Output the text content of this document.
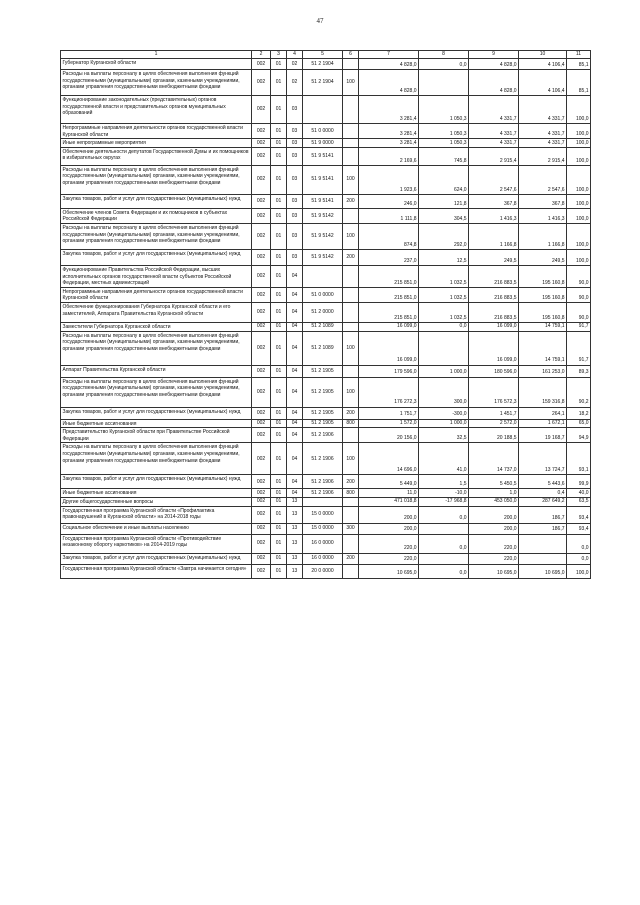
47
1	2	3	4	5	6	7	8	9	10	11
Губернатор Курганской области	002	01	02	51 2 1904		4 828,0	0,0	4 828,0	4 106,4	85,1
Расходы на выплаты персоналу в целях обеспечения выполнения функций государственными (муниципальными) органами, казенными учреждениями, органами управления государственными внебюджетными фондами	002	01	02	51 2 1904	100	4 828,0		4 828,0	4 106,4	85,1
Функционирование законодательных (представительных) органов государственной власти и представительных органов муниципальных образований	002	01	03			3 281,4	1 050,3	4 331,7	4 331,7	100,0
Непрограммные направления деятельности органов государственной власти Курганской области	002	01	03	51 0 0000		3 281,4	1 050,3	4 331,7	4 331,7	100,0
Иные непрограммные мероприятия	002	01	03	51 9 0000		3 281,4	1 050,3	4 331,7	4 331,7	100,0
Обеспечение деятельности депутатов Государственной Думы и их помощников в избирательных округах	002	01	03	51 9 5141		2 169,6	745,8	2 915,4	2 915,4	100,0
Расходы на выплаты персоналу в целях обеспечения выполнения функций государственными (муниципальными) органами, казенными учреждениями, органами управления государственными внебюджетными фондами	002	01	03	51 9 5141	100	1 923,6	624,0	2 547,6	2 547,6	100,0
Закупка товаров, работ и услуг для государственных (муниципальных) нужд	002	01	03	51 9 5141	200	246,0	121,8	367,8	367,8	100,0
Обеспечение членов Совета Федерации и их помощников в субъектах Российской Федерации	002	01	03	51 9 5142		1 111,8	304,5	1 416,3	1 416,3	100,0
Расходы на выплаты персоналу в целях обеспечения выполнения функций государственными (муниципальными) органами, казенными учреждениями, органами управления государственными внебюджетными фондами	002	01	03	51 9 5142	100	874,8	292,0	1 166,8	1 166,8	100,0
Закупка товаров, работ и услуг для государственных (муниципальных) нужд	002	01	03	51 9 5142	200	237,0	12,5	249,5	249,5	100,0
Функционирование Правительства Российской Федерации, высших исполнительных органов государственной власти субъектов Российской Федерации, местных администраций	002	01	04			215 851,0	1 032,5	216 883,5	195 160,8	90,0
Непрограммные направления деятельности органов государственной власти Курганской области	002	01	04	51 0 0000		215 851,0	1 032,5	216 883,5	195 160,8	90,0
Обеспечение функционирования Губернатора Курганской области и его заместителей, Аппарата Правительства Курганской области	002	01	04	51 2 0000		215 851,0	1 032,5	216 883,5	195 160,8	90,0
Заместители Губернатора Курганской области	002	01	04	51 2 1089		16 099,0	0,0	16 099,0	14 759,1	91,7
Расходы на выплаты персоналу в целях обеспечения выполнения функций государственными (муниципальными) органами, казенными учреждениями, органами управления государственными внебюджетными фондами	002	01	04	51 2 1089	100	16 099,0		16 099,0	14 759,1	91,7
Аппарат Правительства Курганской области	002	01	04	51 2 1905		179 596,0	1 000,0	180 596,0	161 253,0	89,3
Расходы на выплаты персоналу в целях обеспечения выполнения функций государственными (муниципальными) органами, казенными учреждениями, органами управления государственными внебюджетными фондами	002	01	04	51 2 1905	100	176 272,3	300,0	176 572,3	159 316,8	90,2
Закупка товаров, работ и услуг для государственных (муниципальных) нужд	002	01	04	51 2 1905	200	1 751,7	-300,0	1 451,7	264,1	18,2
Иные бюджетные ассигнования	002	01	04	51 2 1905	800	1 572,0	1 000,0	2 572,0	1 672,1	65,0
Представительство Курганской области при Правительстве Российской Федерации	002	01	04	51 2 1906		20 156,0	32,5	20 188,5	19 168,7	94,9
Расходы на выплаты персоналу в целях обеспечения выполнения функций государственными (муниципальными) органами, казенными учреждениями, органами управления государственными внебюджетными фондами	002	01	04	51 2 1906	100	14 696,0	41,0	14 737,0	13 724,7	93,1
Закупка товаров, работ и услуг для государственных (муниципальных) нужд	002	01	04	51 2 1906	200	5 449,0	1,5	5 450,5	5 443,6	99,9
Иные бюджетные ассигнования	002	01	04	51 2 1906	800	11,0	-10,0	1,0	0,4	40,0
Другие общегосударственные вопросы	002	01	13			471 018,8	-17 968,8	453 050,0	287 649,2	63,5
Государственная программа Курганской области «Профилактика правонарушений в Курганской области» на 2014-2018 годы	002	01	13	15 0 0000		200,0	0,0	200,0	186,7	93,4
Социальное обеспечение и иные выплаты населению	002	01	13	15 0 0000	300	200,0		200,0	186,7	93,4
Государственная программа Курганской области «Противодействие незаконному обороту наркотиков» на 2014-2019 годы	002	01	13	16 0 0000		220,0	0,0	220,0		0,0
Закупка товаров, работ и услуг для государственных (муниципальных) нужд	002	01	13	16 0 0000	200	220,0		220,0		0,0
Государственная программа Курганской области «Завтра начинается сегодня»	002	01	13	20 0 0000		10 695,0	0,0	10 695,0	10 695,0	100,0
